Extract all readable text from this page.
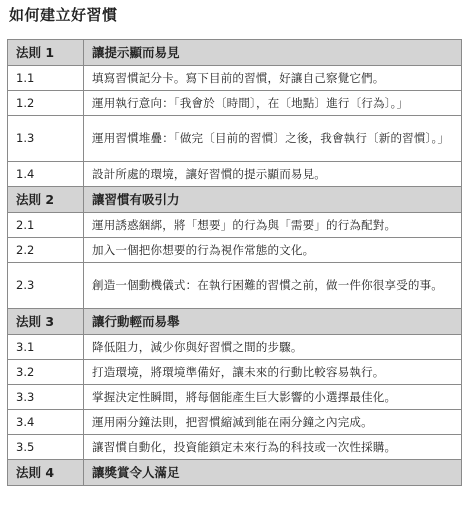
如何建立好習慣
法則 1	讓提示顯而易見
1.1	填寫習慣記分卡。寫下目前的習慣，好讓自己察覺它們。
1.2	運用執行意向：「我會於〔時間〕，在〔地點〕進行〔行為〕。」
1.3	運用習慣堆疊：「做完〔目前的習慣〕之後，我會執行〔新的習慣〕。」
1.4	設計所處的環境，讓好習慣的提示顯而易見。
法則 2	讓習慣有吸引力
2.1	運用誘惑綑綁，將「想要」的行為與「需要」的行為配對。
2.2	加入一個把你想要的行為視作常態的文化。
2.3	創造一個動機儀式：在執行困難的習慣之前，做一件你很享受的事。
法則 3	讓行動輕而易舉
3.1	降低阻力，減少你與好習慣之間的步驟。
3.2	打造環境，將環境準備好，讓未來的行動比較容易執行。
3.3	掌握決定性瞬間，將每個能產生巨大影響的小選擇最佳化。
3.4	運用兩分鐘法則，把習慣縮減到能在兩分鐘之內完成。
3.5	讓習慣自動化，投資能鎖定未來行為的科技或一次性採購。
法則 4	讓獎賞令人滿足
